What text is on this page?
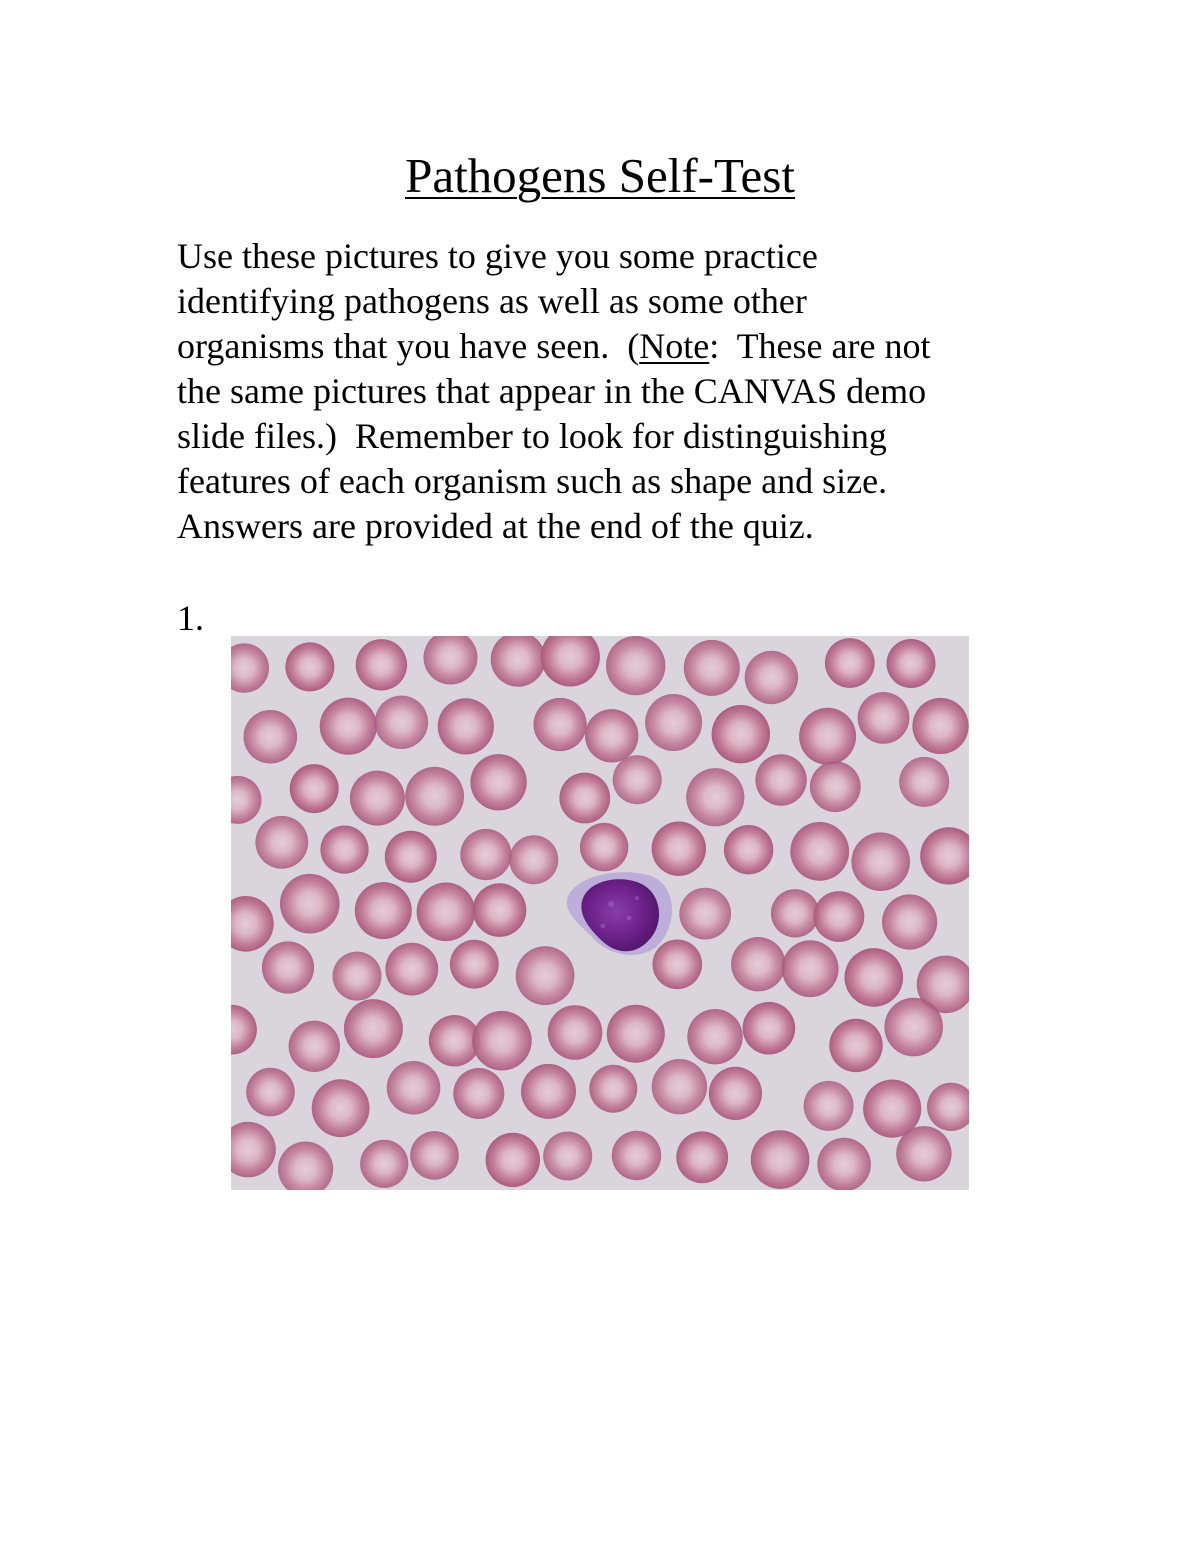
Pathogens Self-Test

Use these pictures to give you some practice
identifying pathogens as well as some other
organisms that you have seen.  (Note:  These are not
the same pictures that appear in the CANVAS demo
slide files.)  Remember to look for distinguishing
features of each organism such as shape and size.
Answers are provided at the end of the quiz.

1.
